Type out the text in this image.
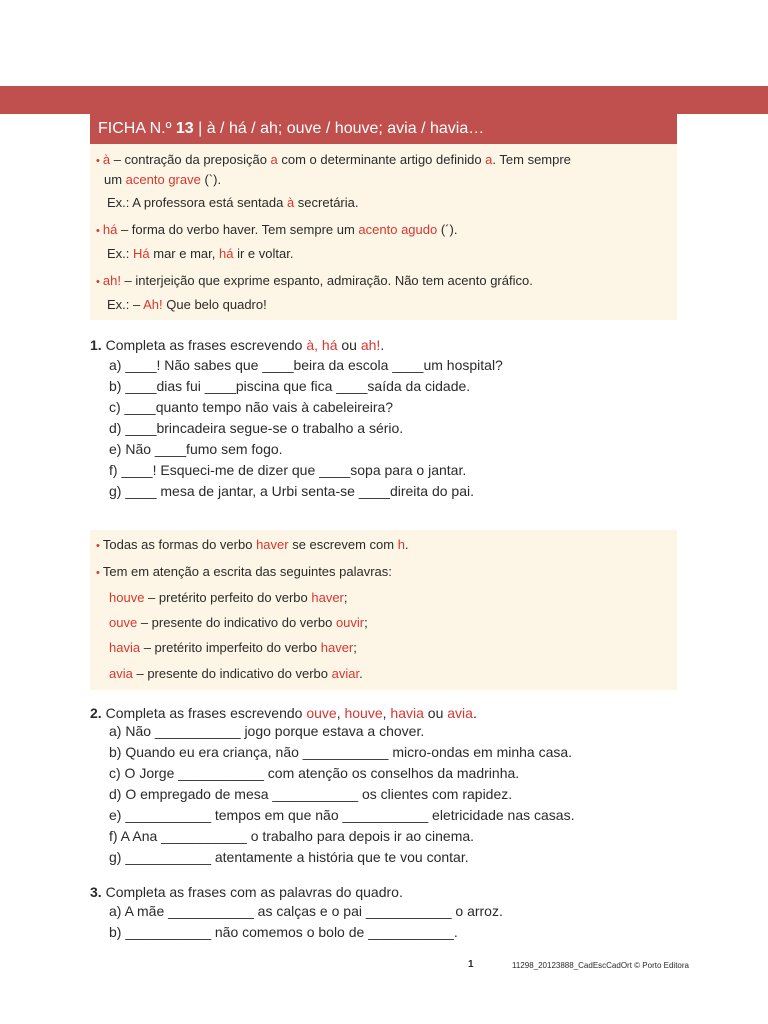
FICHA N.º 13 | à / há / ah; ouve / houve; avia / havia…

• à – contração da preposição a com o determinante artigo definido a. Tem sempre

um acento grave (`).

Ex.: A professora está sentada à secretária.

• há – forma do verbo haver. Tem sempre um acento agudo (´).

Ex.: Há mar e mar, há ir e voltar.

• ah! – interjeição que exprime espanto, admiração. Não tem acento gráfico.

Ex.: – Ah! Que belo quadro!

1. Completa as frases escrevendo à, há ou ah!.
a) ____! Não sabes que ____beira da escola ____um hospital?
b) ____dias fui ____piscina que fica ____saída da cidade.
c) ____quanto tempo não vais à cabeleireira?
d) ____brincadeira segue-se o trabalho a sério.
e) Não ____fumo sem fogo.
f) ____! Esqueci-me de dizer que ____sopa para o jantar.
g) ____ mesa de jantar, a Urbi senta-se ____direita do pai.

• Todas as formas do verbo haver se escrevem com h.

• Tem em atenção a escrita das seguintes palavras:

houve – pretérito perfeito do verbo haver;

ouve – presente do indicativo do verbo ouvir;

havia – pretérito imperfeito do verbo haver;

avia – presente do indicativo do verbo aviar.

2. Completa as frases escrevendo ouve, houve, havia ou avia.
a) Não ___________ jogo porque estava a chover.
b) Quando eu era criança, não ___________ micro-ondas em minha casa.
c) O Jorge ___________ com atenção os conselhos da madrinha.
d) O empregado de mesa ___________ os clientes com rapidez.
e) ___________ tempos em que não ___________ eletricidade nas casas.
f) A Ana ___________ o trabalho para depois ir ao cinema.
g) ___________ atentamente a história que te vou contar.
3. Completa as frases com as palavras do quadro.
a) A mãe ___________ as calças e o pai ___________ o arroz.
b) ___________ não comemos o bolo de ___________.
1	11298_20123888_CadEscCadOrt © Porto Editora
